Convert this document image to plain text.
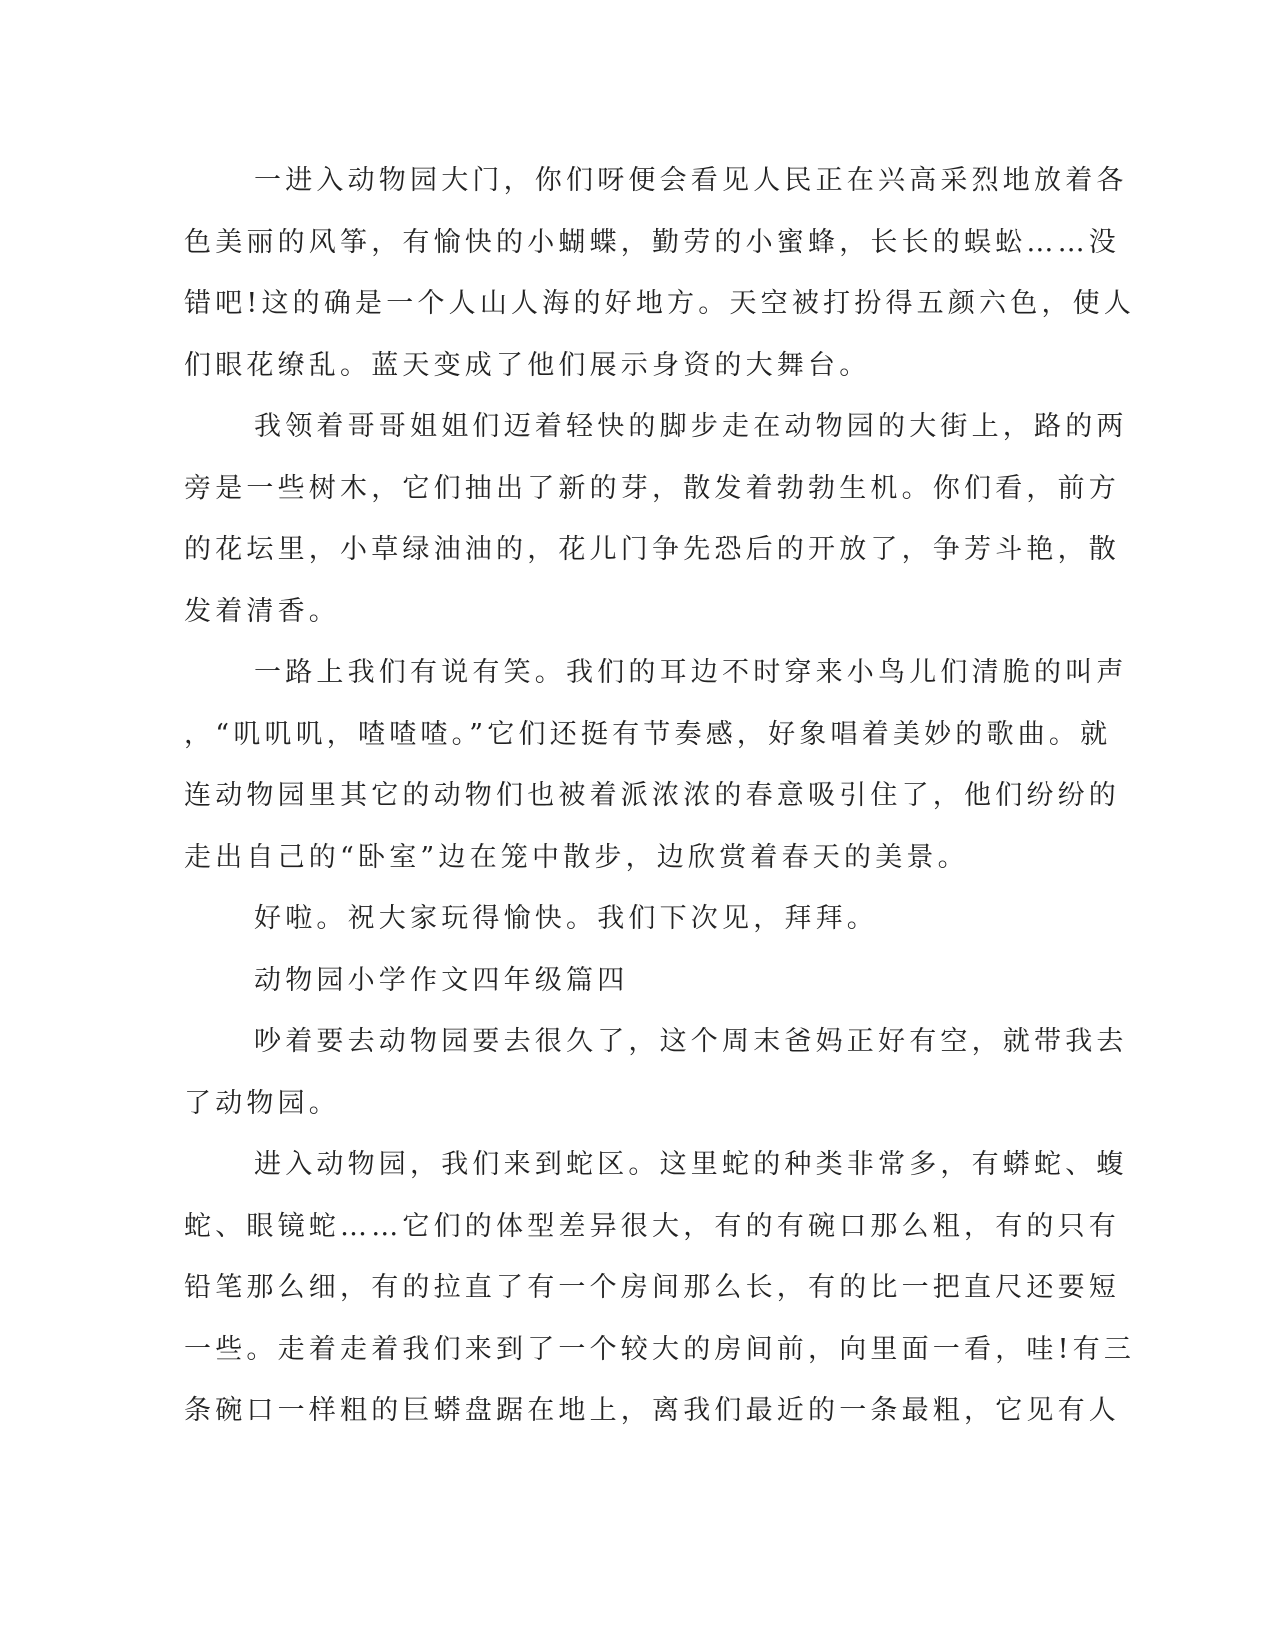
一进入动物园大门，你们呀便会看见人民正在兴高采烈地放着各
色美丽的风筝，有愉快的小蝴蝶，勤劳的小蜜蜂，长长的蜈蚣……没
错吧!这的确是一个人山人海的好地方。天空被打扮得五颜六色，使人
们眼花缭乱。蓝天变成了他们展示身资的大舞台。
我领着哥哥姐姐们迈着轻快的脚步走在动物园的大街上，路的两
旁是一些树木，它们抽出了新的芽，散发着勃勃生机。你们看，前方
的花坛里，小草绿油油的，花儿门争先恐后的开放了，争芳斗艳，散
发着清香。
一路上我们有说有笑。我们的耳边不时穿来小鸟儿们清脆的叫声
，“叽叽叽，喳喳喳。”它们还挺有节奏感，好象唱着美妙的歌曲。就
连动物园里其它的动物们也被着派浓浓的春意吸引住了，他们纷纷的
走出自己的“卧室”边在笼中散步，边欣赏着春天的美景。
好啦。祝大家玩得愉快。我们下次见，拜拜。
动物园小学作文四年级篇四
吵着要去动物园要去很久了，这个周末爸妈正好有空，就带我去
了动物园。
进入动物园，我们来到蛇区。这里蛇的种类非常多，有蟒蛇、蝮
蛇、眼镜蛇……它们的体型差异很大，有的有碗口那么粗，有的只有
铅笔那么细，有的拉直了有一个房间那么长，有的比一把直尺还要短
一些。走着走着我们来到了一个较大的房间前，向里面一看，哇!有三
条碗口一样粗的巨蟒盘踞在地上，离我们最近的一条最粗，它见有人
